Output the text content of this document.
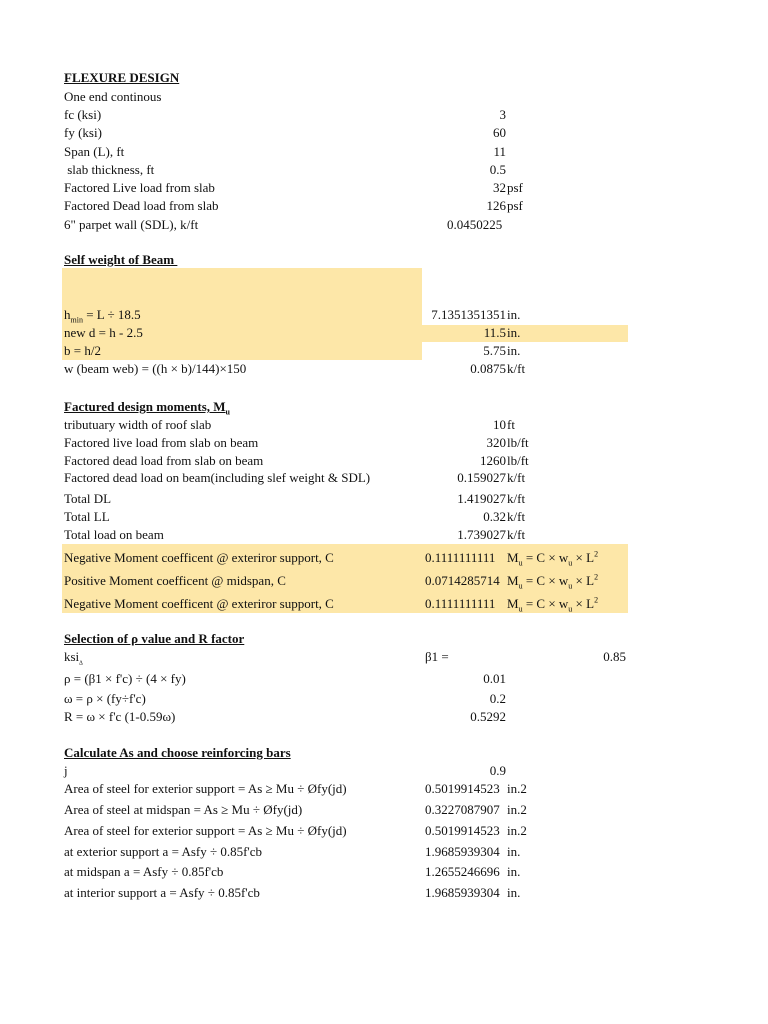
FLEXURE DESIGN
One end continous
fc (ksi)	3
fy (ksi)	60
Span (L), ft	11
slab thickness, ft	0.5
Factored Live load from slab	32 psf
Factored Dead load from slab	126 psf
6" parpet wall (SDL), k/ft	0.0450225
Self weight of Beam
$h_{min} = L \div 18.5$	7.1351351351 in.
new d = h - 2.5	11.5 in.
b = h/2	5.75 in.
w (beam web) = ((h × b)/144)×150	0.0875 k/ft
Factured design moments, $M_u$
tributuary width of roof slab	10 ft
Factored live load from slab on beam	320 lb/ft
Factored dead load from slab on beam	1260 lb/ft
Factored dead load on beam(including slef weight & SDL)	0.159027 k/ft
Total DL	1.419027 k/ft
Total LL	0.32 k/ft
Total load on beam	1.739027 k/ft
Negative Moment coefficent @ exteriror support, C	0.1111111111 $M_u = C \times w_u \times L^2$
Positive Moment coefficent @ midspan, C	0.0714285714 $M_u = C \times w_u \times L^2$
Negative Moment coefficent @ exteriror support, C	0.1111111111 $M_u = C \times w_u \times L^2$
Selection of ρ value and R factor
ksi$_\Delta$	β1 =	0.85
ρ = (β1 × f'c) ÷ (4 × fy)	0.01
ω = ρ × (fy÷f'c)	0.2
R = ω × f'c (1-0.59ω)	0.5292
Calculate As and choose reinforcing bars
j	0.9
Area of steel for exterior support = As ≥ Mu ÷ Øfy(jd)	0.5019914523 in.2
Area of steel at midspan = As ≥ Mu ÷ Øfy(jd)	0.3227087907 in.2
Area of steel for exterior support = As ≥ Mu ÷ Øfy(jd)	0.5019914523 in.2
at exterior support a = Asfy ÷ 0.85f'cb	1.9685939304 in.
at midspan a = Asfy ÷ 0.85f'cb	1.2655246696 in.
at interior support a = Asfy ÷ 0.85f'cb	1.9685939304 in.
